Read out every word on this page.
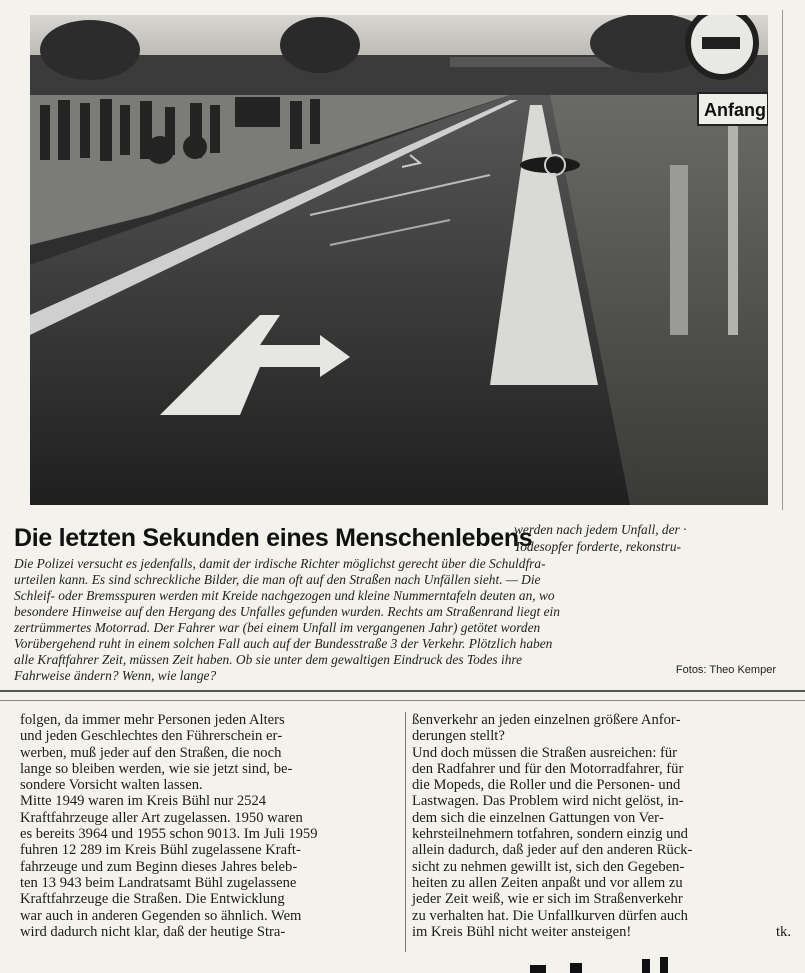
Anfang
Die letzten Sekunden eines Menschenlebens
werden nach jedem Unfall, der ·
Todesopfer forderte, rekonstru‑
Die Polizei versucht es jedenfalls, damit der irdische Richter möglichst gerecht über die Schuldfra‑
urteilen kann. Es sind schreckliche Bilder, die man oft auf den Straßen nach Unfällen sieht. — Die
Schleif‑ oder Bremsspuren werden mit Kreide nachgezogen und kleine Nummerntafeln deuten an, wo
besondere Hinweise auf den Hergang des Unfalles gefunden wurden. Rechts am Straßenrand liegt ein
zertrümmertes Motorrad. Der Fahrer war (bei einem Unfall im vergangenen Jahr) getötet worden
Vorübergehend ruht in einem solchen Fall auch auf der Bundesstraße 3 der Verkehr. Plötzlich haben
alle Kraftfahrer Zeit, müssen Zeit haben. Ob sie unter dem gewaltigen Eindruck des Todes ihre
Fahrweise ändern? Wenn, wie lange?	Fotos: Theo Kemper
folgen, da immer mehr Personen jeden Alters
und jeden Geschlechtes den Führerschein er‑
werben, muß jeder auf den Straßen, die noch
lange so bleiben werden, wie sie jetzt sind, be‑
sondere Vorsicht walten lassen.
Mitte 1949 waren im Kreis Bühl nur 2524
Kraftfahrzeuge aller Art zugelassen. 1950 waren
es bereits 3964 und 1955 schon 9013. Im Juli 1959
fuhren 12 289 im Kreis Bühl zugelassene Kraft‑
fahrzeuge und zum Beginn dieses Jahres beleb‑
ten 13 943 beim Landratsamt Bühl zugelassene
Kraftfahrzeuge die Straßen. Die Entwicklung
war auch in anderen Gegenden so ähnlich. Wem
wird dadurch nicht klar, daß der heutige Stra‑
ßenverkehr an jeden einzelnen größere Anfor‑
derungen stellt?
Und doch müssen die Straßen ausreichen: für
den Radfahrer und für den Motorradfahrer, für
die Mopeds, die Roller und die Personen‑ und
Lastwagen. Das Problem wird nicht gelöst, in‑
dem sich die einzelnen Gattungen von Ver‑
kehrsteilnehmern totfahren, sondern einzig und
allein dadurch, daß jeder auf den anderen Rück‑
sicht zu nehmen gewillt ist, sich den Gegeben‑
heiten zu allen Zeiten anpaßt und vor allem zu
jeder Zeit weiß, wie er sich im Straßenverkehr
zu verhalten hat. Die Unfallkurven dürfen auch
im Kreis Bühl nicht weiter ansteigen!	tk.
